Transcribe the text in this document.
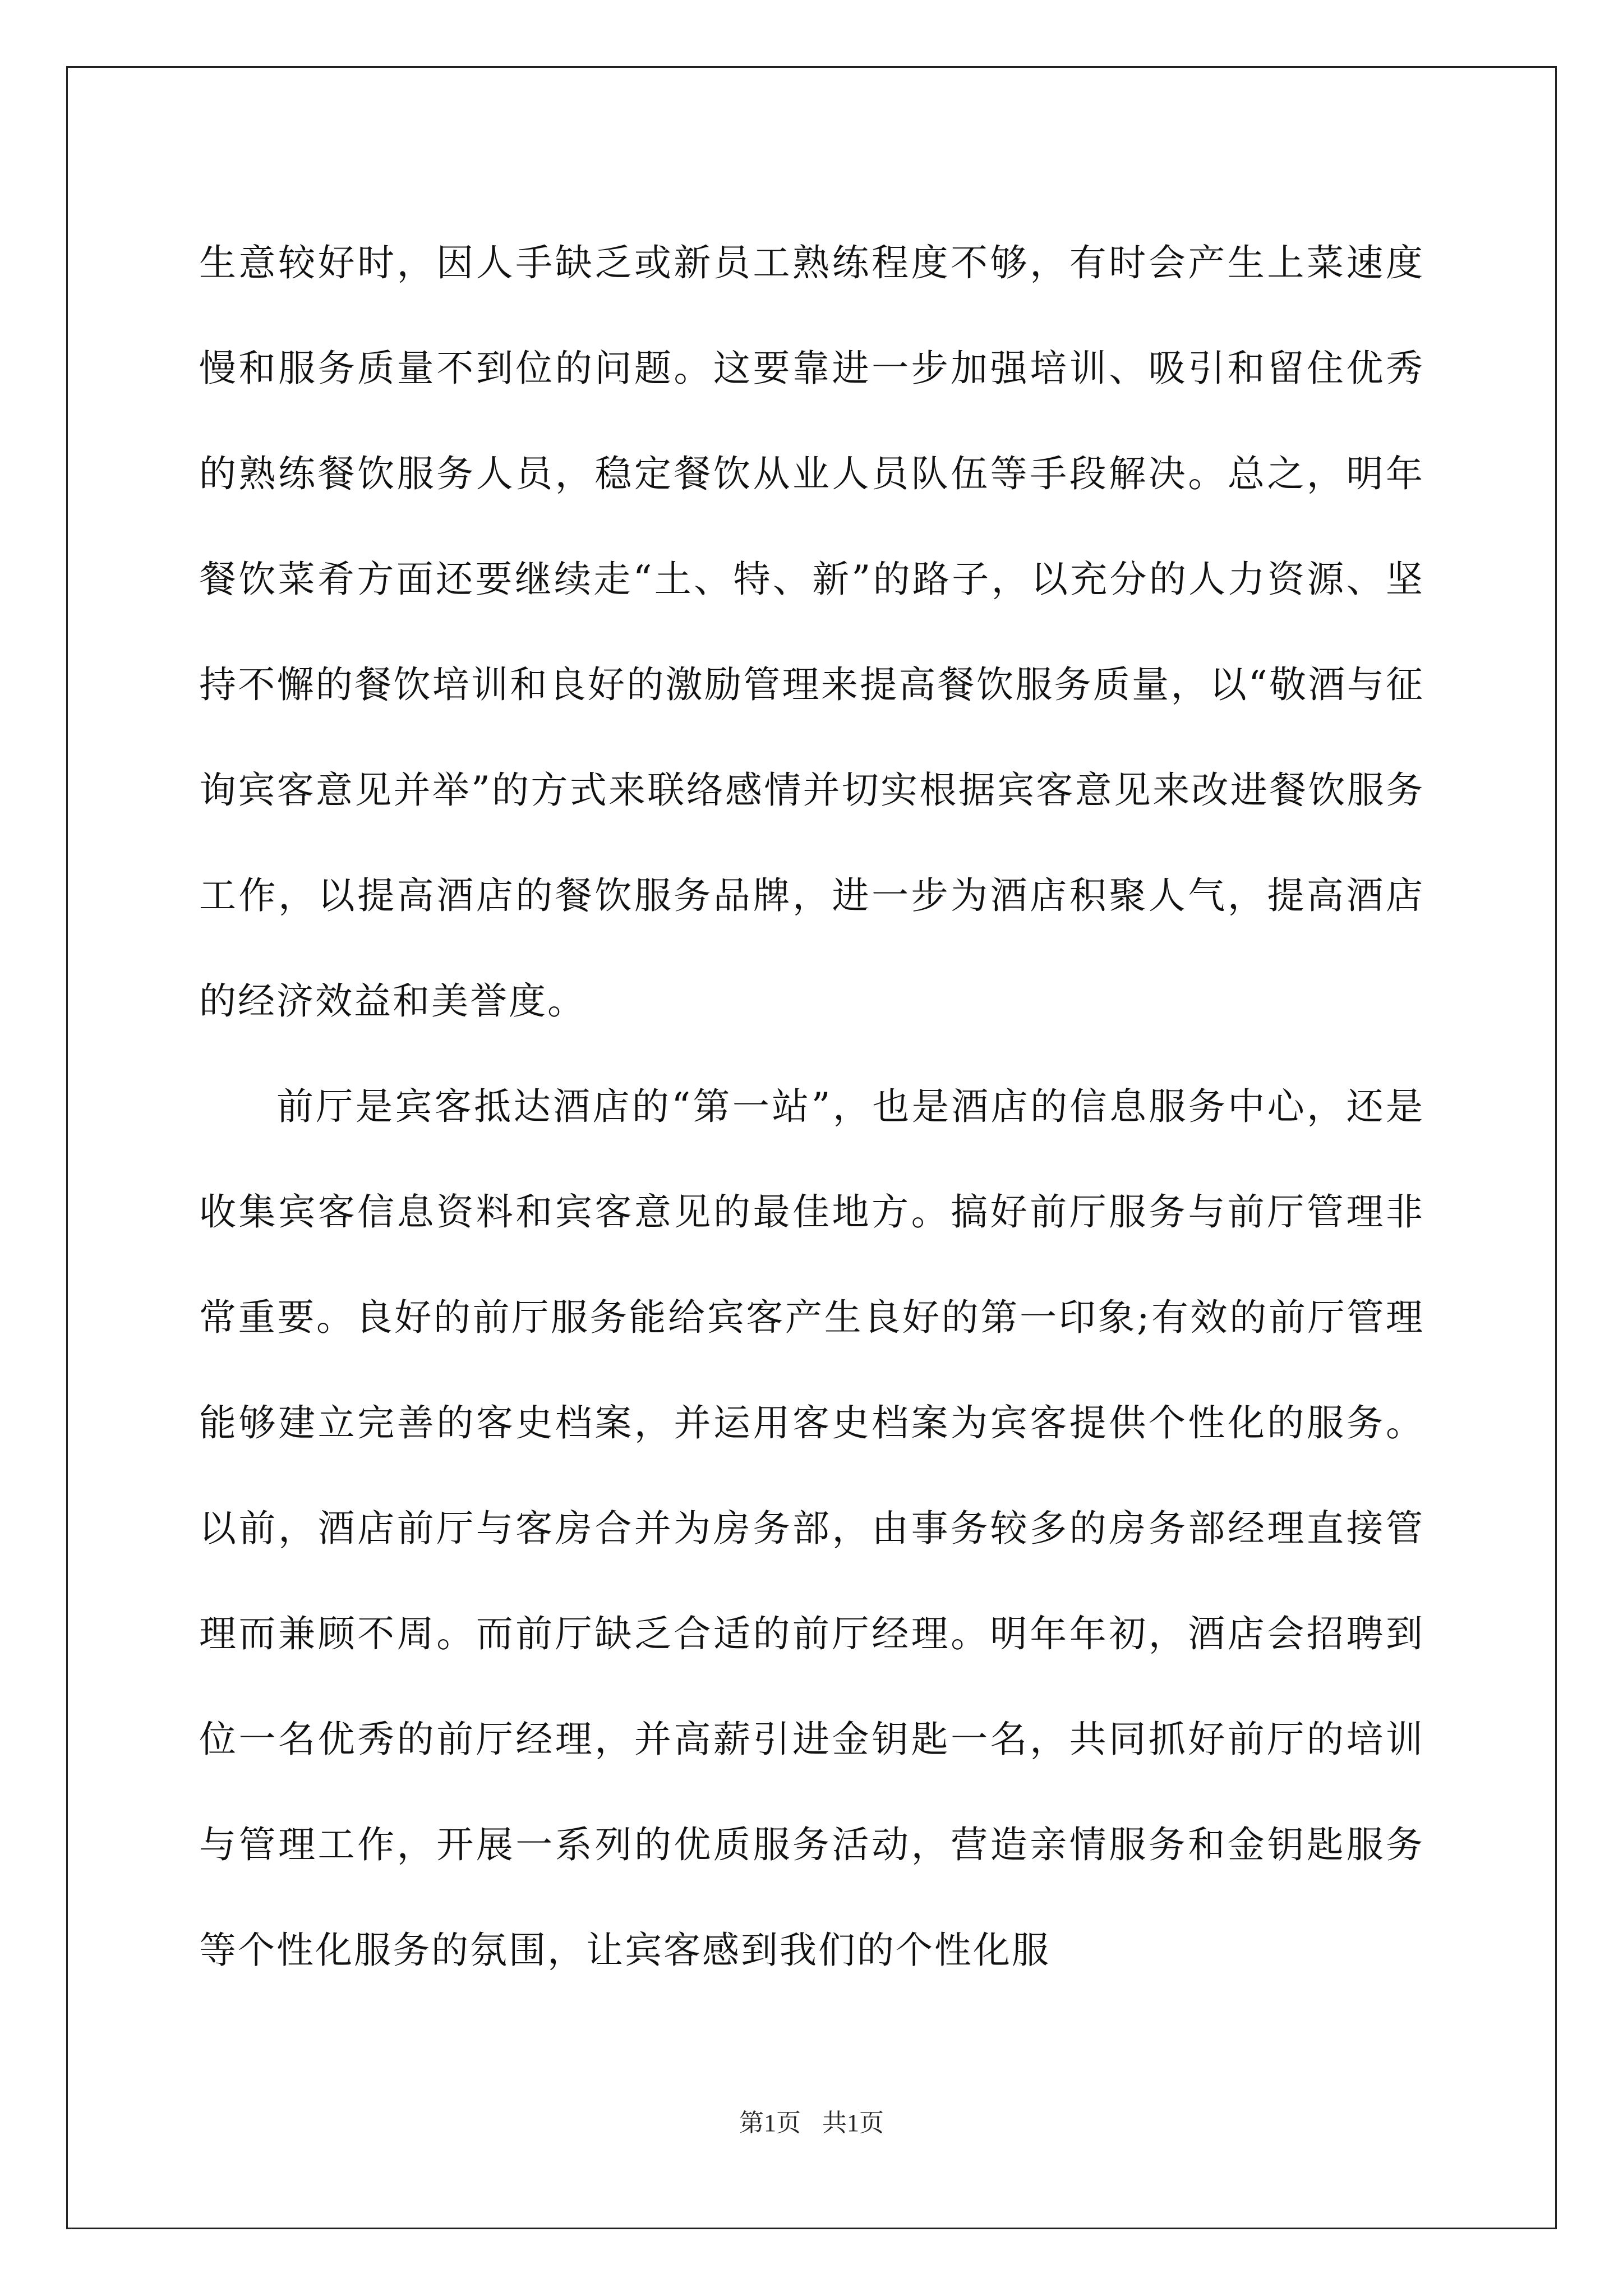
生意较好时，因人手缺乏或新员工熟练程度不够，有时会产生上菜速度慢和服务质量不到位的问题。这要靠进一步加强培训、吸引和留住优秀的熟练餐饮服务人员，稳定餐饮从业人员队伍等手段解决。总之，明年餐饮菜肴方面还要继续走“土、特、新”的路子，以充分的人力资源、坚持不懈的餐饮培训和良好的激励管理来提高餐饮服务质量，以“敬酒与征询宾客意见并举”的方式来联络感情并切实根据宾客意见来改进餐饮服务工作，以提高酒店的餐饮服务品牌，进一步为酒店积聚人气，提高酒店的经济效益和美誉度。

前厅是宾客抵达酒店的“第一站”，也是酒店的信息服务中心，还是收集宾客信息资料和宾客意见的最佳地方。搞好前厅服务与前厅管理非常重要。良好的前厅服务能给宾客产生良好的第一印象;有效的前厅管理能够建立完善的客史档案，并运用客史档案为宾客提供个性化的服务。以前，酒店前厅与客房合并为房务部，由事务较多的房务部经理直接管理而兼顾不周。而前厅缺乏合适的前厅经理。明年年初，酒店会招聘到位一名优秀的前厅经理，并高薪引进金钥匙一名，共同抓好前厅的培训与管理工作，开展一系列的优质服务活动，营造亲情服务和金钥匙服务等个性化服务的氛围，让宾客感到我们的个性化服

第1页 共1页
